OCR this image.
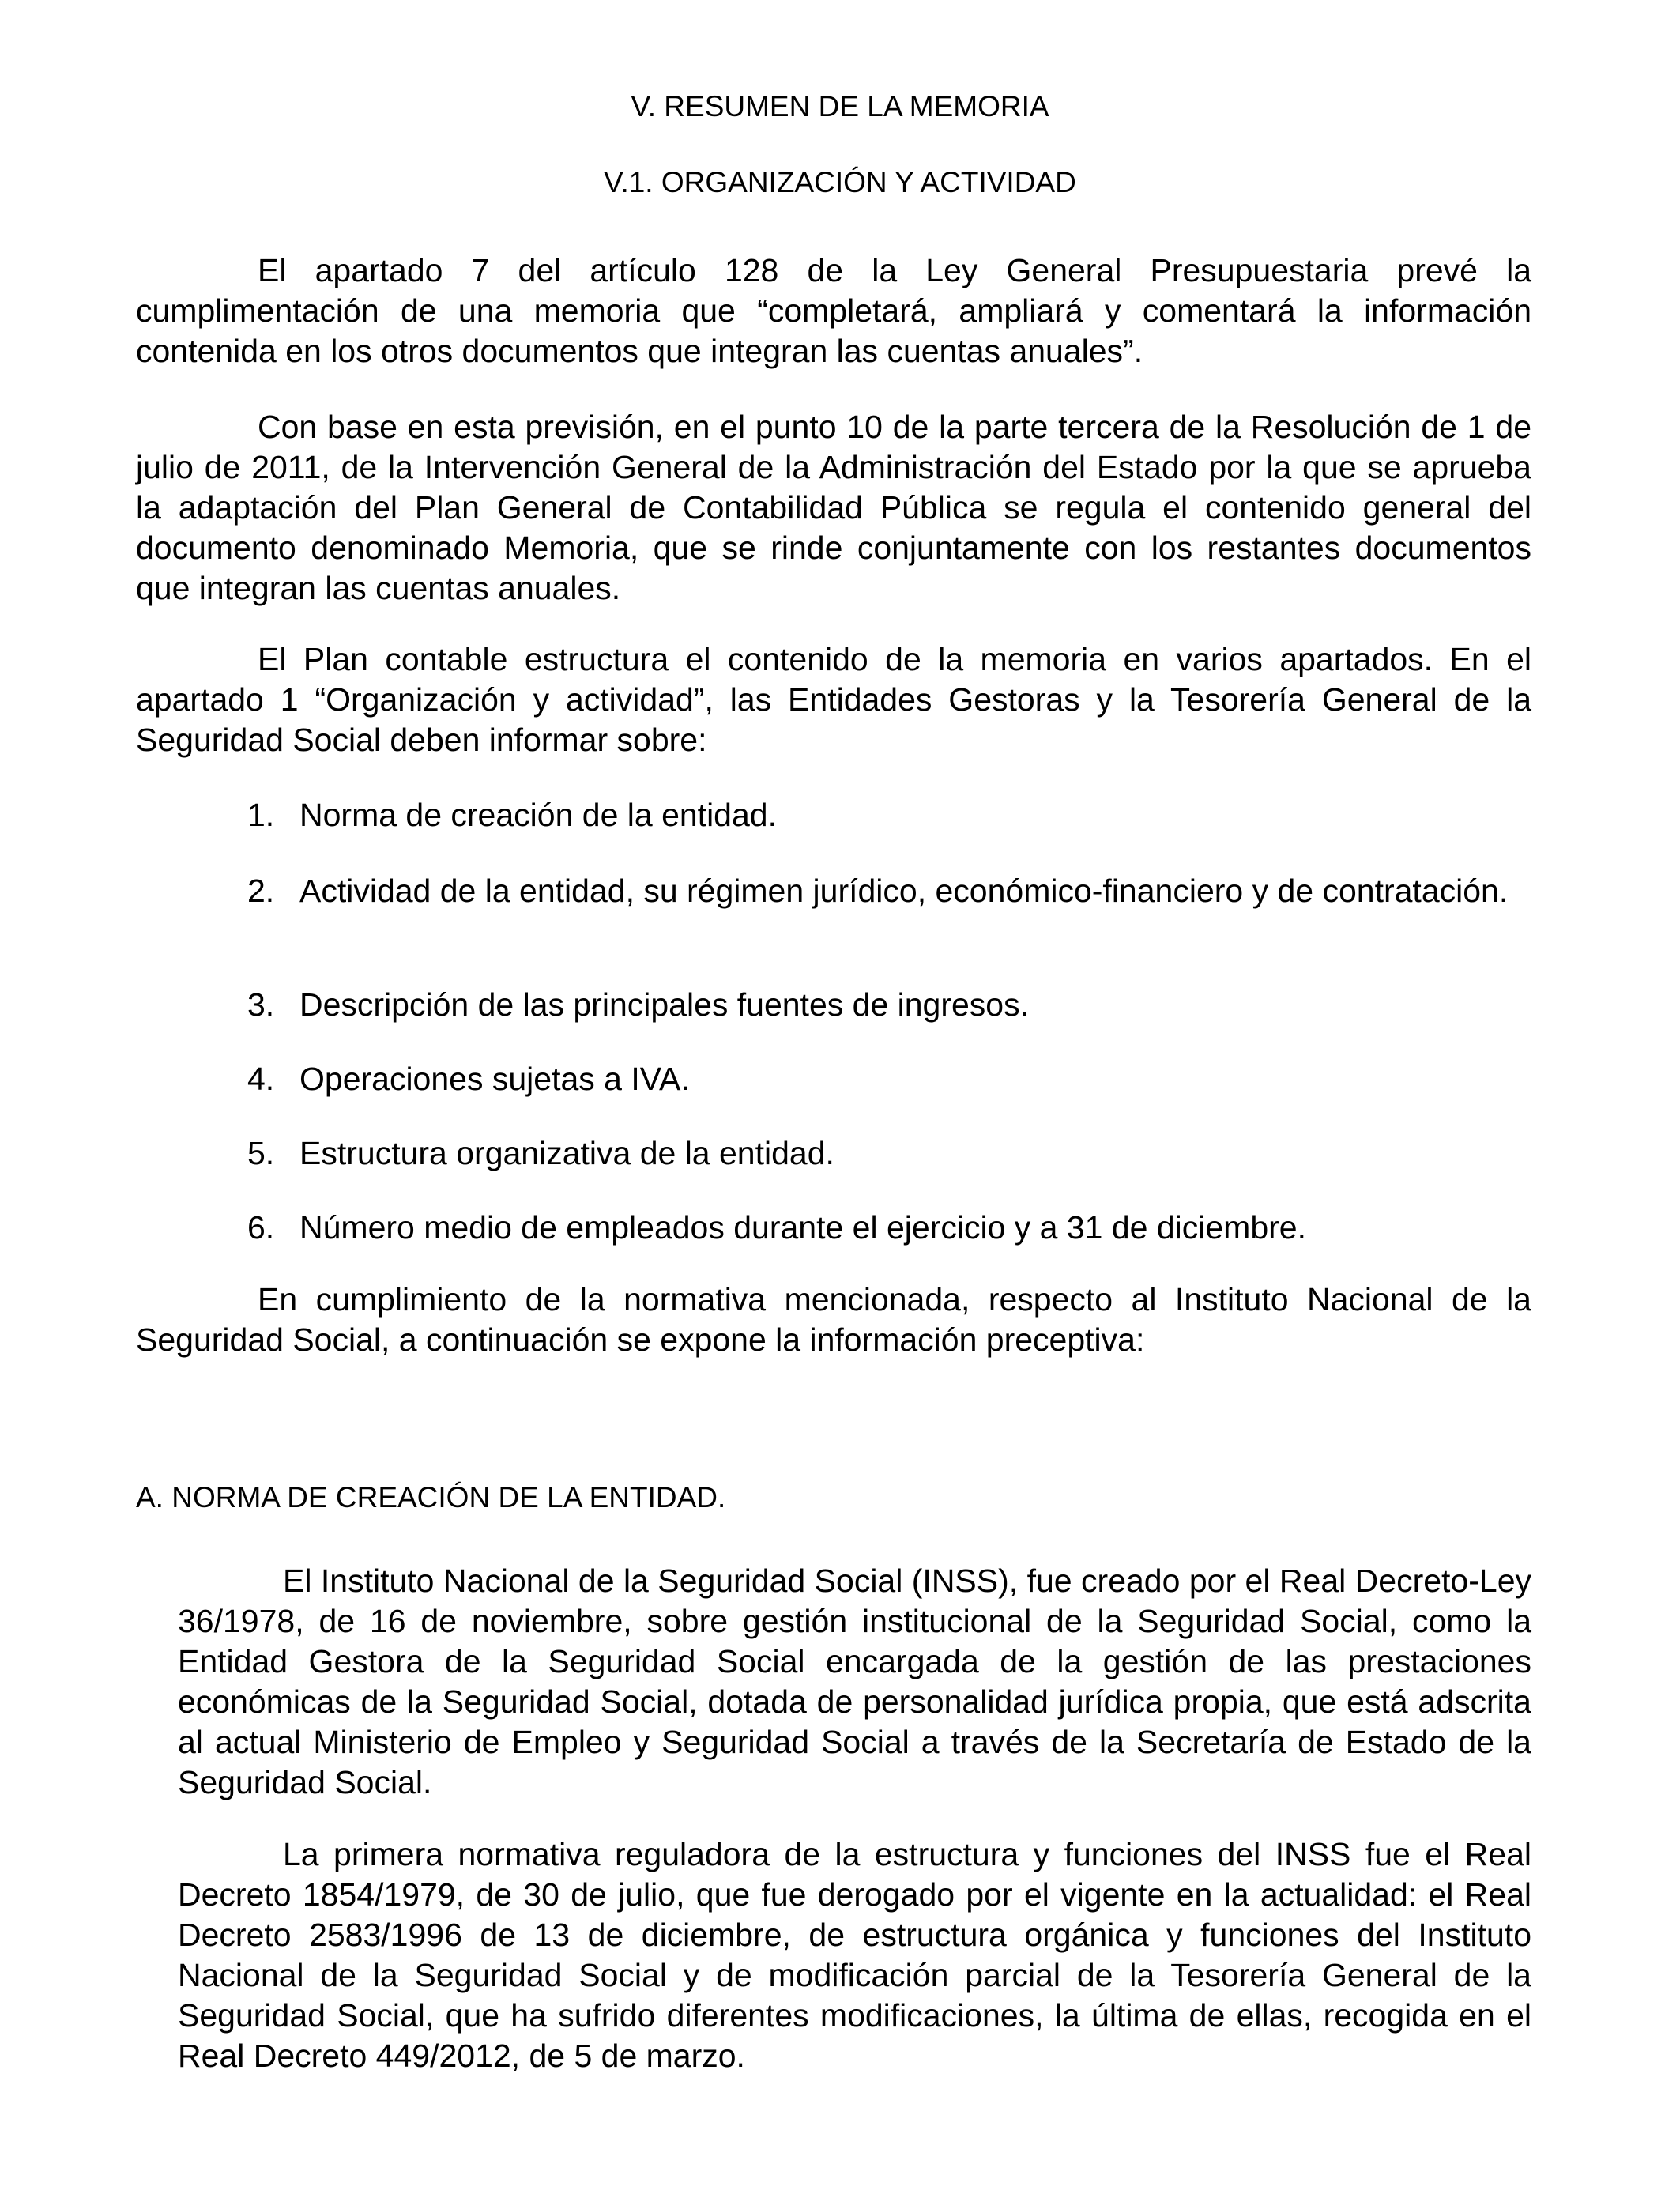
V. RESUMEN DE LA MEMORIA
V.1. ORGANIZACIÓN Y ACTIVIDAD
El apartado 7 del artículo 128 de la Ley General Presupuestaria prevé la cumplimentación de una memoria que “completará, ampliará y comentará la información contenida en los otros documentos que integran las cuentas anuales”.
Con base en esta previsión, en el punto 10 de la parte tercera de la Resolución de 1 de julio de 2011, de la Intervención General de la Administración del Estado por la que se aprueba la adaptación del Plan General de Contabilidad Pública se regula el contenido general del documento denominado Memoria, que se rinde conjuntamente con los restantes documentos que integran las cuentas anuales.
El Plan contable estructura el contenido de la memoria en varios apartados. En el apartado 1 “Organización y actividad”, las Entidades Gestoras y la Tesorería General de la Seguridad Social deben informar sobre:
1. Norma de creación de la entidad.
2. Actividad de la entidad, su régimen jurídico, económico-financiero y de contratación.
3. Descripción de las principales fuentes de ingresos.
4. Operaciones sujetas a IVA.
5. Estructura organizativa de la entidad.
6. Número medio de empleados durante el ejercicio y a 31 de diciembre.
En cumplimiento de la normativa mencionada, respecto al Instituto Nacional de la Seguridad Social, a continuación se expone la información preceptiva:
A. NORMA DE CREACIÓN DE LA ENTIDAD.
El Instituto Nacional de la Seguridad Social (INSS), fue creado por el Real Decreto-Ley 36/1978, de 16 de noviembre, sobre gestión institucional de la Seguridad Social, como la Entidad Gestora de la Seguridad Social encargada de la gestión de las prestaciones económicas de la Seguridad Social, dotada de personalidad jurídica propia, que está adscrita al actual Ministerio de Empleo y Seguridad Social a través de la Secretaría de Estado de la Seguridad Social.
La primera normativa reguladora de la estructura y funciones del INSS fue el Real Decreto 1854/1979, de 30 de julio, que fue derogado por el vigente en la actualidad: el Real Decreto 2583/1996 de 13 de diciembre, de estructura orgánica y funciones del Instituto Nacional de la Seguridad Social y de modificación parcial de la Tesorería General de la Seguridad Social, que ha sufrido diferentes modificaciones, la última de ellas, recogida en el Real Decreto 449/2012, de 5 de marzo.
